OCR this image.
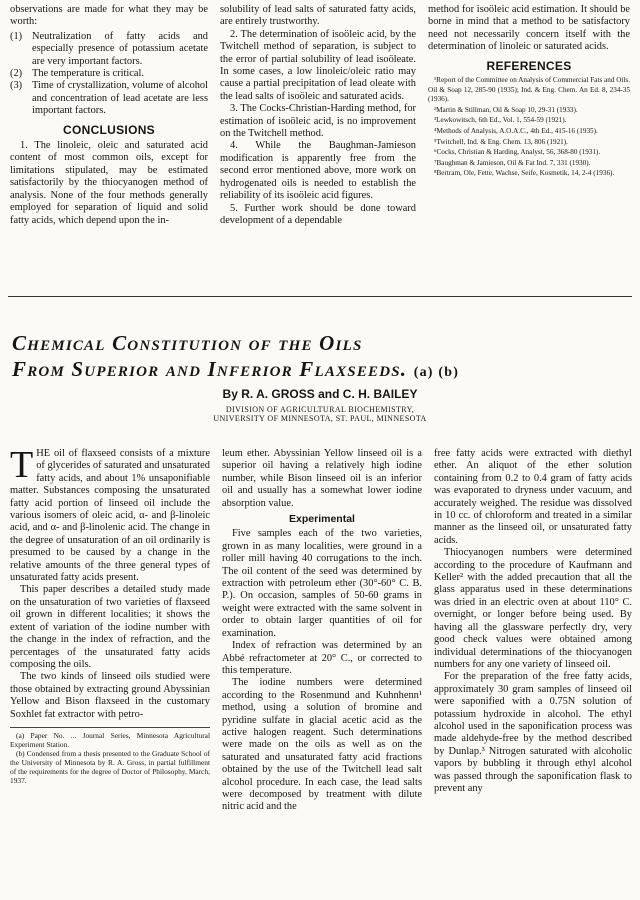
observations are made for what they may be worth:

(1) Neutralization of fatty acids and especially presence of potassium acetate are very important factors.
(2) The temperature is critical.
(3) Time of crystallization, volume of alcohol and concentration of lead acetate are less important factors.
CONCLUSIONS

1. The linoleic, oleic and saturated acid content of most common oils, except for limitations stipulated, may be estimated satisfactorily by the thiocyanogen method of analysis. None of the four methods generally employed for separation of liquid and solid fatty acids, which depend upon the in-

solubility of lead salts of saturated fatty acids, are entirely trustworthy.

2. The determination of isoöleic acid, by the Twitchell method of separation, is subject to the error of partial solubility of lead isoöleate. In some cases, a low linoleic/oleic ratio may cause a partial precipitation of lead oleate with the lead salts of isoöleic and saturated acids.

3. The Cocks-Christian-Harding method, for estimation of isoöleic acid, is no improvement on the Twitchell method.

4. While the Baughman-Jamieson modification is apparently free from the second error mentioned above, more work on hydrogenated oils is needed to establish the reliability of its isoöleic acid figures.

5. Further work should be done toward development of a dependable

method for isoöleic acid estimation. It should be borne in mind that a method to be satisfactory need not necessarily concern itself with the determination of linoleic or saturated acids.

REFERENCES

¹Report of the Committee on Analysis of Commercial Fats and Oils. Oil & Soap 12, 285-90 (1935); Ind. & Eng. Chem. An Ed. 8, 234-35 (1936).

²Martin & Stillman, Oil & Soap 10, 29-31 (1933).

³Lewkowitsch, 6th Ed., Vol. 1, 554-59 (1921).

⁴Methods of Analysis, A.O.A.C., 4th Ed., 415-16 (1935).

⁵Twitchell, Ind. & Eng. Chem. 13, 806 (1921).

⁶Cocks, Christian & Harding, Analyst, 56, 368-80 (1931).

⁷Baughman & Jamieson, Oil & Fat Ind. 7, 331 (1930).

⁸Bertram, Ole, Fette, Wachse, Seife, Kosmetik, 14, 2-4 (1936).

Chemical Constitution of the Oils
From Superior and Inferior Flaxseeds. (a) (b)
By R. A. GROSS and C. H. BAILEY
DIVISION OF AGRICULTURAL BIOCHEMISTRY,
UNIVERSITY OF MINNESOTA, ST. PAUL, MINNESOTA

THE oil of flaxseed consists of a mixture of glycerides of saturated and unsaturated fatty acids, and about 1% unsaponifiable matter. Substances composing the unsaturated fatty acid portion of linseed oil include the various isomers of oleic acid, α- and β-linoleic acid, and α- and β-linolenic acid. The change in the degree of unsaturation of an oil ordinarily is presumed to be caused by a change in the relative amounts of the three general types of unsaturated fatty acids present.

This paper describes a detailed study made on the unsaturation of two varieties of flaxseed oil grown in different localities; it shows the extent of variation of the iodine number with the change in the index of refraction, and the percentages of the unsaturated fatty acids composing the oils.

The two kinds of linseed oils studied were those obtained by extracting ground Abyssinian Yellow and Bison flaxseed in the customary Soxhlet fat extractor with petro-

(a) Paper No. ... Journal Series, Minnesota Agricultural Experiment Station.

(b) Condensed from a thesis presented to the Graduate School of the University of Minnesota by R. A. Gross, in partial fulfillment of the requirements for the degree of Doctor of Philosophy, March, 1937.

leum ether. Abyssinian Yellow linseed oil is a superior oil having a relatively high iodine number, while Bison linseed oil is an inferior oil and usually has a somewhat lower iodine absorption value.

Experimental

Five samples each of the two varieties, grown in as many localities, were ground in a roller mill having 40 corrugations to the inch. The oil content of the seed was determined by extraction with petroleum ether (30°-60° C. B. P.). On occasion, samples of 50-60 grams in weight were extracted with the same solvent in order to obtain larger quantities of oil for examination.

Index of refraction was determined by an Abbé refractometer at 20° C., or corrected to this temperature.

The iodine numbers were determined according to the Rosenmund and Kuhnhenn¹ method, using a solution of bromine and pyridine sulfate in glacial acetic acid as the active halogen reagent. Such determinations were made on the oils as well as on the saturated and unsaturated fatty acid fractions obtained by the use of the Twitchell lead salt alcohol procedure. In each case, the lead salts were decomposed by treatment with dilute nitric acid and the

free fatty acids were extracted with diethyl ether. An aliquot of the ether solution containing from 0.2 to 0.4 gram of fatty acids was evaporated to dryness under vacuum, and accurately weighed. The residue was dissolved in 10 cc. of chloroform and treated in a similar manner as the linseed oil, or unsaturated fatty acids.

Thiocyanogen numbers were determined according to the procedure of Kaufmann and Keller² with the added precaution that all the glass apparatus used in these determinations was dried in an electric oven at about 110° C. overnight, or longer before being used. By having all the glassware perfectly dry, very good check values were obtained among individual determinations of the thiocyanogen numbers for any one variety of linseed oil.

For the preparation of the free fatty acids, approximately 30 gram samples of linseed oil were saponified with a 0.75N solution of potassium hydroxide in alcohol. The ethyl alcohol used in the saponification process was made aldehyde-free by the method described by Dunlap.³ Nitrogen saturated with alcoholic vapors by bubbling it through ethyl alcohol was passed through the saponification flask to prevent any
